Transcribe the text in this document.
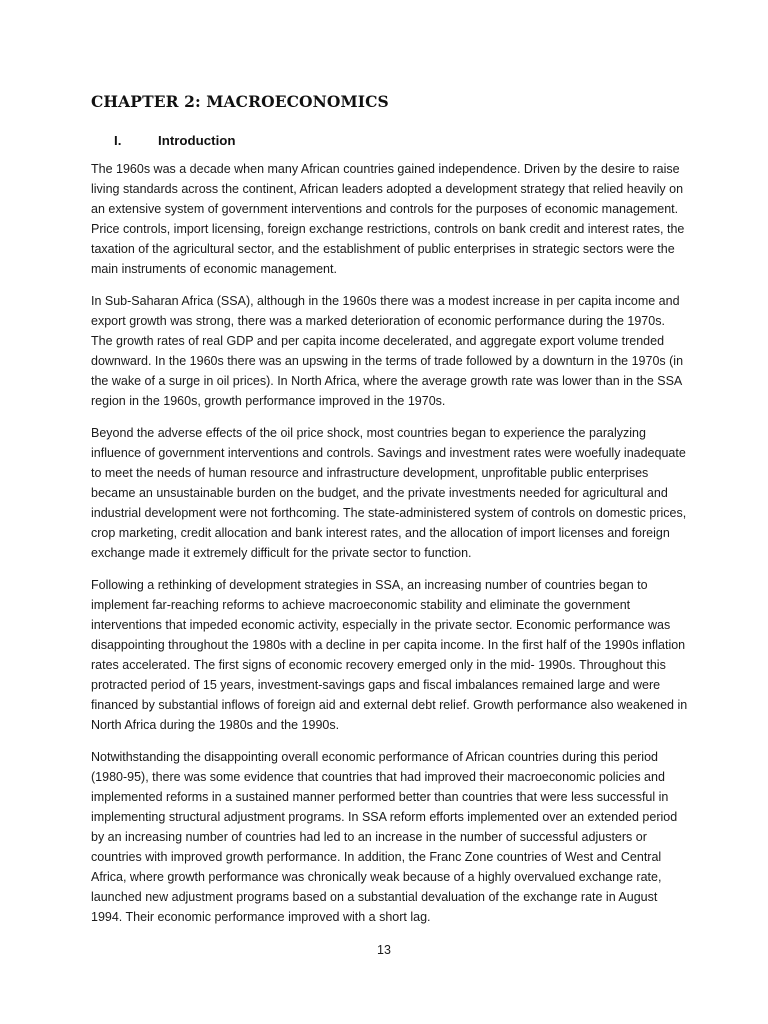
CHAPTER 2: MACROECONOMICS
I.	Introduction

The 1960s was a decade when many African countries gained independence. Driven by the desire to raise living standards across the continent, African leaders adopted a development strategy that relied heavily on an extensive system of government interventions and controls for the purposes of economic management. Price controls, import licensing, foreign exchange restrictions, controls on bank credit and interest rates, the taxation of the agricultural sector, and the establishment of public enterprises in strategic sectors were the main instruments of economic management.

In Sub-Saharan Africa (SSA), although in the 1960s there was a modest increase in per capita income and export growth was strong, there was a marked deterioration of economic performance during the 1970s. The growth rates of real GDP and per capita income decelerated, and aggregate export volume trended downward. In the 1960s there was an upswing in the terms of trade followed by a downturn in the 1970s (in the wake of a surge in oil prices). In North Africa, where the average growth rate was lower than in the SSA region in the 1960s, growth performance improved in the 1970s.

Beyond the adverse effects of the oil price shock, most countries began to experience the paralyzing influence of government interventions and controls. Savings and investment rates were woefully inadequate to meet the needs of human resource and infrastructure development, unprofitable public enterprises became an unsustainable burden on the budget, and the private investments needed for agricultural and industrial development were not forthcoming. The state-administered system of controls on domestic prices, crop marketing, credit allocation and bank interest rates, and the allocation of import licenses and foreign exchange made it extremely difficult for the private sector to function.

Following a rethinking of development strategies in SSA, an increasing number of countries began to implement far-reaching reforms to achieve macroeconomic stability and eliminate the government interventions that impeded economic activity, especially in the private sector. Economic performance was disappointing throughout the 1980s with a decline in per capita income. In the first half of the 1990s inflation rates accelerated. The first signs of economic recovery emerged only in the mid- 1990s. Throughout this protracted period of 15 years, investment-savings gaps and fiscal imbalances remained large and were financed by substantial inflows of foreign aid and external debt relief. Growth performance also weakened in North Africa during the 1980s and the 1990s.

Notwithstanding the disappointing overall economic performance of African countries during this period (1980-95), there was some evidence that countries that had improved their macroeconomic policies and implemented reforms in a sustained manner performed better than countries that were less successful in implementing structural adjustment programs. In SSA reform efforts implemented over an extended period by an increasing number of countries had led to an increase in the number of successful adjusters or countries with improved growth performance. In addition, the Franc Zone countries of West and Central Africa, where growth performance was chronically weak because of a highly overvalued exchange rate, launched new adjustment programs based on a substantial devaluation of the exchange rate in August 1994. Their economic performance improved with a short lag.

13
